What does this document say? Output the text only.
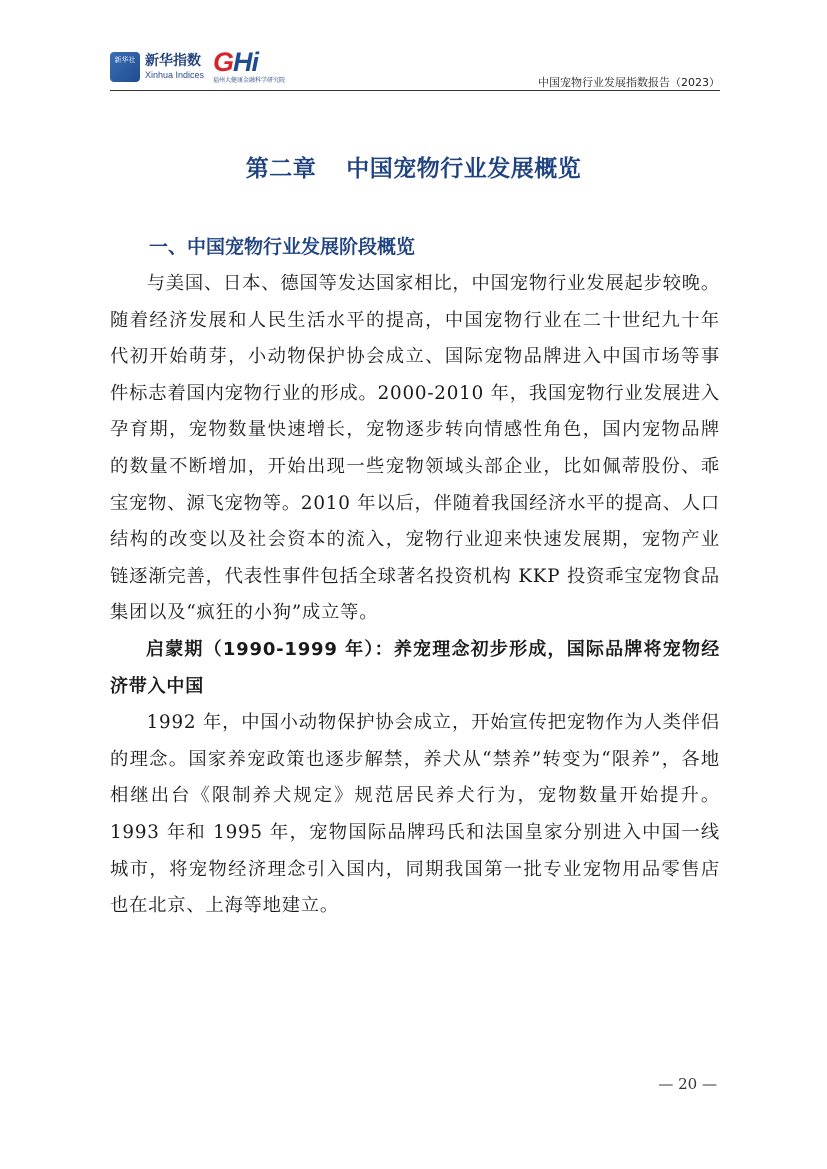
新华社 新华指数
Xinhua Indices GHi
福州大健康金融科学研究院	中国宠物行业发展指数报告（2023）
第二章 中国宠物行业发展概览
一、中国宠物行业发展阶段概览

与美国、日本、德国等发达国家相比，中国宠物行业发展起步较晚。随着经济发展和人民生活水平的提高，中国宠物行业在二十世纪九十年代初开始萌芽，小动物保护协会成立、国际宠物品牌进入中国市场等事件标志着国内宠物行业的形成。2000-2010 年，我国宠物行业发展进入孕育期，宠物数量快速增长，宠物逐步转向情感性角色，国内宠物品牌的数量不断增加，开始出现一些宠物领域头部企业，比如佩蒂股份、乖宝宠物、源飞宠物等。2010 年以后，伴随着我国经济水平的提高、人口结构的改变以及社会资本的流入，宠物行业迎来快速发展期，宠物产业链逐渐完善，代表性事件包括全球著名投资机构 KKP 投资乖宝宠物食品集团以及“疯狂的小狗”成立等。

启蒙期（1990-1999 年）：养宠理念初步形成，国际品牌将宠物经济带入中国

1992 年，中国小动物保护协会成立，开始宣传把宠物作为人类伴侣的理念。国家养宠政策也逐步解禁，养犬从“禁养”转变为“限养”，各地相继出台《限制养犬规定》规范居民养犬行为，宠物数量开始提升。1993 年和 1995 年，宠物国际品牌玛氏和法国皇家分别进入中国一线城市，将宠物经济理念引入国内，同期我国第一批专业宠物用品零售店也在北京、上海等地建立。

— 20 —
